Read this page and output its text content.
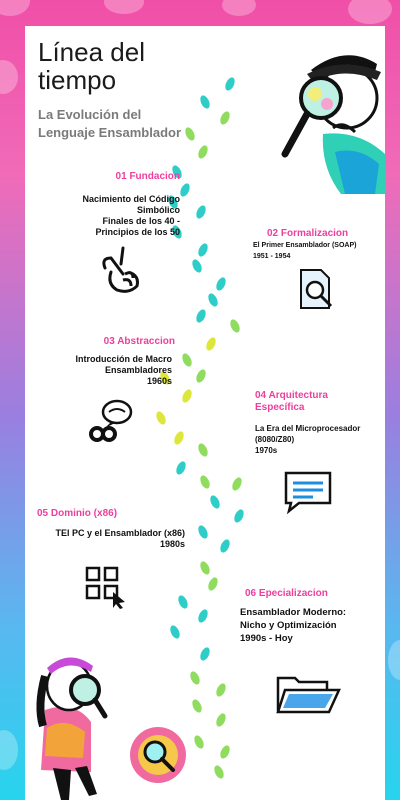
Línea del
tiempo
La Evolución del
Lenguaje Ensamblador
01 Fundacion
Nacimiento del Código
Simbólico
Finales de los 40 -
Principios de los 50	02 Formalizacion
El Primer Ensamblador (SOAP)
1951 - 1954
03 Abstraccion
Introducción de Macro
Ensambladores
1960s
04 Arquitectura
Específica
La Era del Microprocesador
(8080/Z80)
1970s
05 Dominio (x86)
TEl PC y el Ensamblador (x86)
1980s
06 Epecializacion
Ensamblador Moderno:
Nicho y Optimización
1990s - Hoy
